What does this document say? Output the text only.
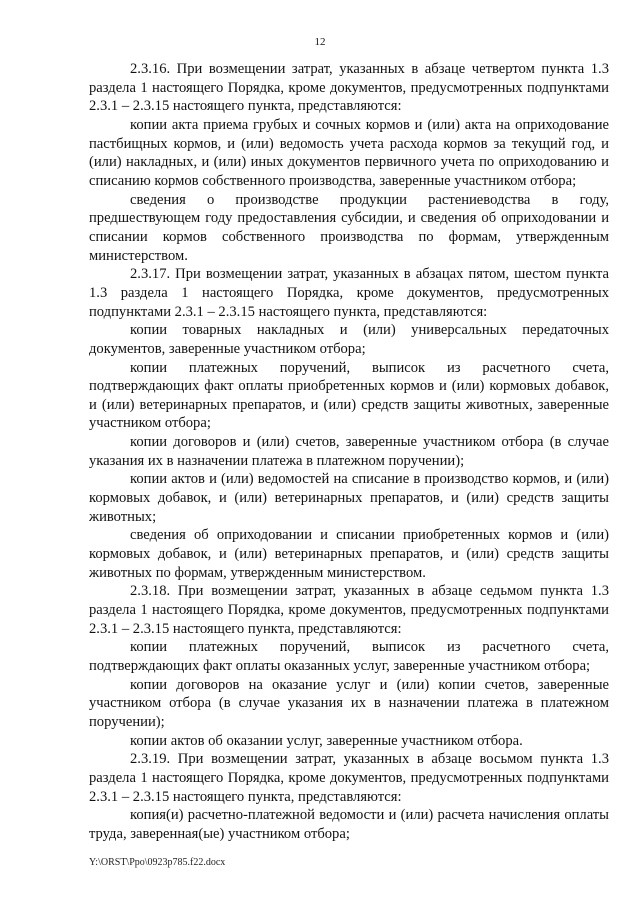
12

2.3.16. При возмещении затрат, указанных в абзаце четвертом пункта 1.3 раздела 1 настоящего Порядка, кроме документов, предусмотренных подпунктами 2.3.1 – 2.3.15 настоящего пункта, представляются:

копии акта приема грубых и сочных кормов и (или) акта на оприходование пастбищных кормов, и (или) ведомость учета расхода кормов за текущий год, и (или) накладных, и (или) иных документов первичного учета по оприходованию и списанию кормов собственного производства, заверенные участником отбора;

сведения о производстве продукции растениеводства в году, предшествующем году предоставления субсидии, и сведения об оприходовании и списании кормов собственного производства по формам, утвержденным министерством.

2.3.17. При возмещении затрат, указанных в абзацах пятом, шестом пункта 1.3 раздела 1 настоящего Порядка, кроме документов, предусмотренных подпунктами 2.3.1 – 2.3.15 настоящего пункта, представляются:

копии товарных накладных и (или) универсальных передаточных документов, заверенные участником отбора;

копии платежных поручений, выписок из расчетного счета, подтверждающих факт оплаты приобретенных кормов и (или) кормовых добавок, и (или) ветеринарных препаратов, и (или) средств защиты животных, заверенные участником отбора;

копии договоров и (или) счетов, заверенные участником отбора (в случае указания их в назначении платежа в платежном поручении);

копии актов и (или) ведомостей на списание в производство кормов, и (или) кормовых добавок, и (или) ветеринарных препаратов, и (или) средств защиты животных;

сведения об оприходовании и списании приобретенных кормов и (или) кормовых добавок, и (или) ветеринарных препаратов, и (или) средств защиты животных по формам, утвержденным министерством.

2.3.18. При возмещении затрат, указанных в абзаце седьмом пункта 1.3 раздела 1 настоящего Порядка, кроме документов, предусмотренных подпунктами 2.3.1 – 2.3.15 настоящего пункта, представляются:

копии платежных поручений, выписок из расчетного счета, подтверждающих факт оплаты оказанных услуг, заверенные участником отбора;

копии договоров на оказание услуг и (или) копии счетов, заверенные участником отбора (в случае указания их в назначении платежа в платежном поручении);

копии актов об оказании услуг, заверенные участником отбора.

2.3.19. При возмещении затрат, указанных в абзаце восьмом пункта 1.3 раздела 1 настоящего Порядка, кроме документов, предусмотренных подпунктами 2.3.1 – 2.3.15 настоящего пункта, представляются:

копия(и) расчетно-платежной ведомости и (или) расчета начисления оплаты труда, заверенная(ые) участником отбора;

Y:\ORST\Ppo\0923p785.f22.docx
